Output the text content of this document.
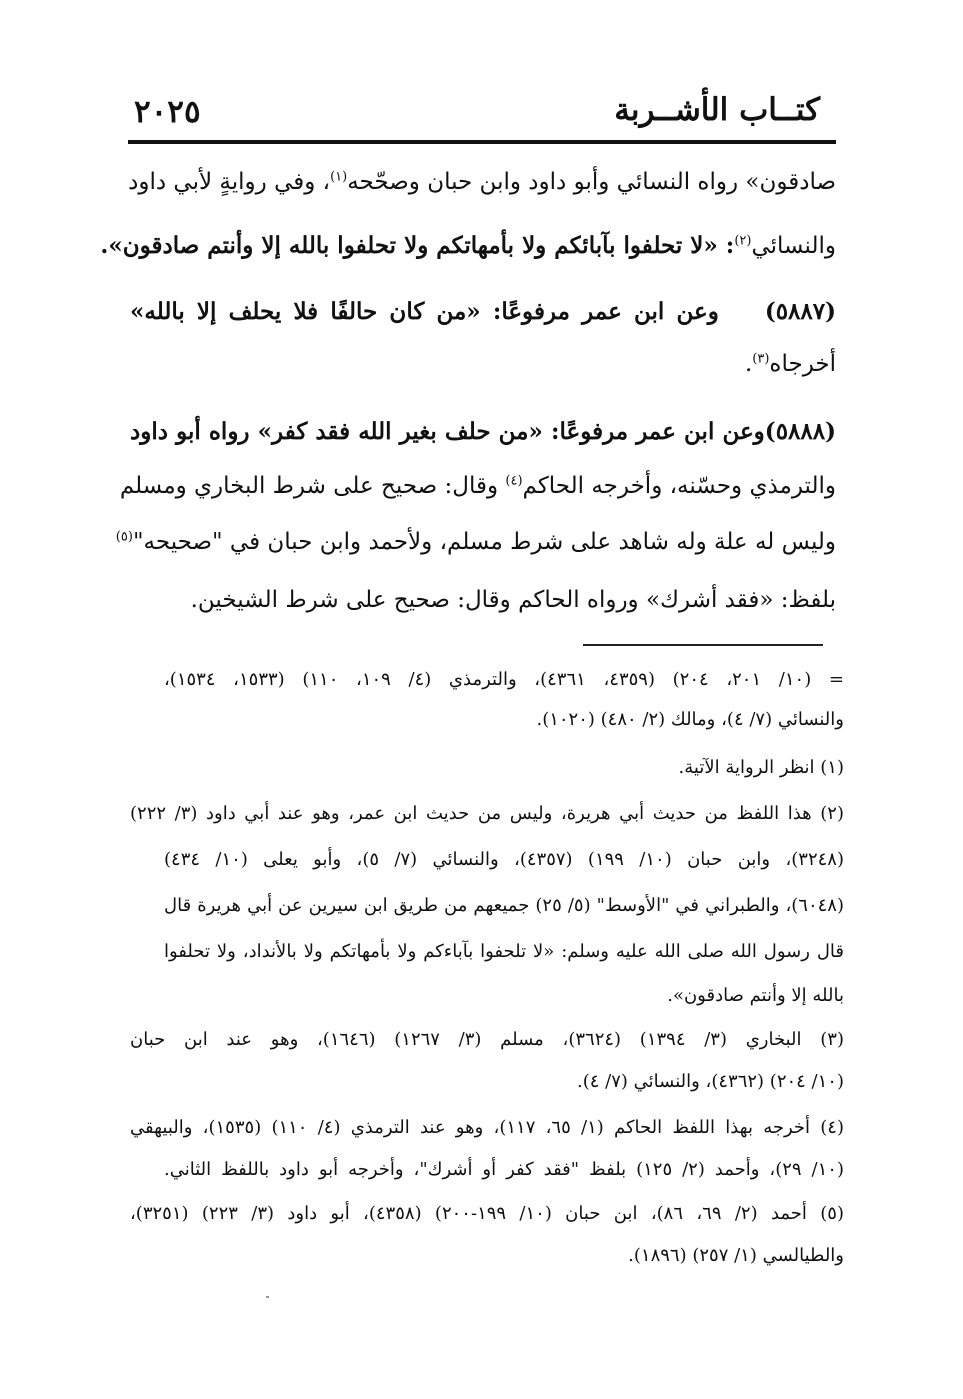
كتــاب الأشــربة
٢٠٢٥
صادقون» رواه النسائي وأبو داود وابن حبان وصحّحه$^{(١)}$، وفي روايةٍ لأبي داود
والنسائي$^{(٢)}$: «لا تحلفوا بآبائكم ولا بأمهاتكم ولا تحلفوا بالله إلا وأنتم صادقون».
(٥٨٨٧)    وعن ابن عمر مرفوعًا: «من كان حالفًا فلا يحلف إلا بالله»
أخرجاه$^{(٣)}$.
(٥٨٨٨)وعن ابن عمر مرفوعًا: «من حلف بغير الله فقد كفر» رواه أبو داود
والترمذي وحسّنه، وأخرجه الحاكم$^{(٤)}$ وقال: صحيح على شرط البخاري ومسلم
وليس له علة وله شاهد على شرط مسلم، ولأحمد وابن حبان في "صحيحه"$^{(٥)}$
بلفظ: «فقد أشرك» ورواه الحاكم وقال: صحيح على شرط الشيخين.
= (١٠/ ٢٠١، ٢٠٤) (٤٣٥٩، ٤٣٦١)، والترمذي (٤/ ١٠٩، ١١٠) (١٥٣٣، ١٥٣٤)،
والنسائي (٧/ ٤)، ومالك (٢/ ٤٨٠) (١٠٢٠).
(١) انظر الرواية الآتية.
(٢) هذا اللفظ من حديث أبي هريرة، وليس من حديث ابن عمر، وهو عند أبي داود (٣/ ٢٢٢)
(٣٢٤٨)، وابن حبان (١٠/ ١٩٩) (٤٣٥٧)، والنسائي (٧/ ٥)، وأبو يعلى (١٠/ ٤٣٤)
(٦٠٤٨)، والطبراني في "الأوسط" (٥/ ٢٥) جميعهم من طريق ابن سيرين عن أبي هريرة قال
قال رسول الله صلى الله عليه وسلم: «لا تلحفوا بآباءكم ولا بأمهاتكم ولا بالأنداد، ولا تحلفوا
بالله إلا وأنتم صادقون».
(٣) البخاري (٣/ ١٣٩٤) (٣٦٢٤)، مسلم (٣/ ١٢٦٧) (١٦٤٦)، وهو عند ابن حبان
(١٠/ ٢٠٤) (٤٣٦٢)، والنسائي (٧/ ٤).
(٤) أخرجه بهذا اللفظ الحاكم (١/ ٦٥، ١١٧)، وهو عند الترمذي (٤/ ١١٠) (١٥٣٥)، والبيهقي
(١٠/ ٢٩)، وأحمد (٢/ ١٢٥) بلفظ "فقد كفر أو أشرك"، وأخرجه أبو داود باللفظ الثاني.
(٥) أحمد (٢/ ٦٩، ٨٦)، ابن حبان (١٠/ ١٩٩-٢٠٠) (٤٣٥٨)، أبو داود (٣/ ٢٢٣) (٣٢٥١)،
والطيالسي (١/ ٢٥٧) (١٨٩٦).
